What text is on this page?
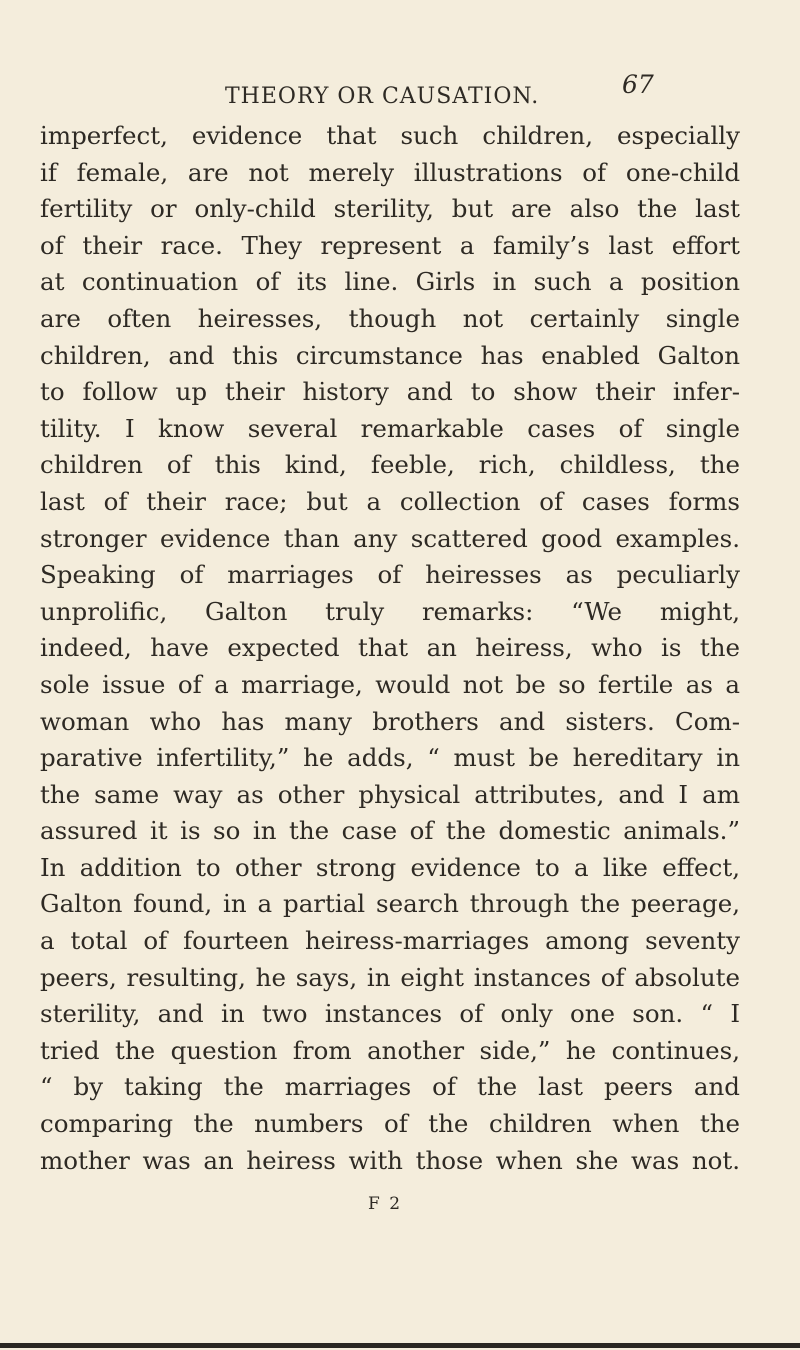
THEORY OR CAUSATION.	67
imperfect, evidence that such children, especially
if female, are not merely illustrations of one-child
fertility or only-child sterility, but are also the last
of their race. They represent a family’s last effort
at continuation of its line. Girls in such a position
are often heiresses, though not certainly single
children, and this circumstance has enabled Galton
to follow up their history and to show their infer-
tility. I know several remarkable cases of single
children of this kind, feeble, rich, childless, the
last of their race; but a collection of cases forms
stronger evidence than any scattered good examples.
Speaking of marriages of heiresses as peculiarly
unprolific, Galton truly remarks: “We might,
indeed, have expected that an heiress, who is the
sole issue of a marriage, would not be so fertile as a
woman who has many brothers and sisters. Com-
parative infertility,” he adds, “ must be hereditary in
the same way as other physical attributes, and I am
assured it is so in the case of the domestic animals.”
In addition to other strong evidence to a like effect,
Galton found, in a partial search through the peerage,
a total of fourteen heiress-marriages among seventy
peers, resulting, he says, in eight instances of absolute
sterility, and in two instances of only one son. “ I
tried the question from another side,” he continues,
“ by taking the marriages of the last peers and
comparing the numbers of the children when the
mother was an heiress with those when she was not.
F 2
